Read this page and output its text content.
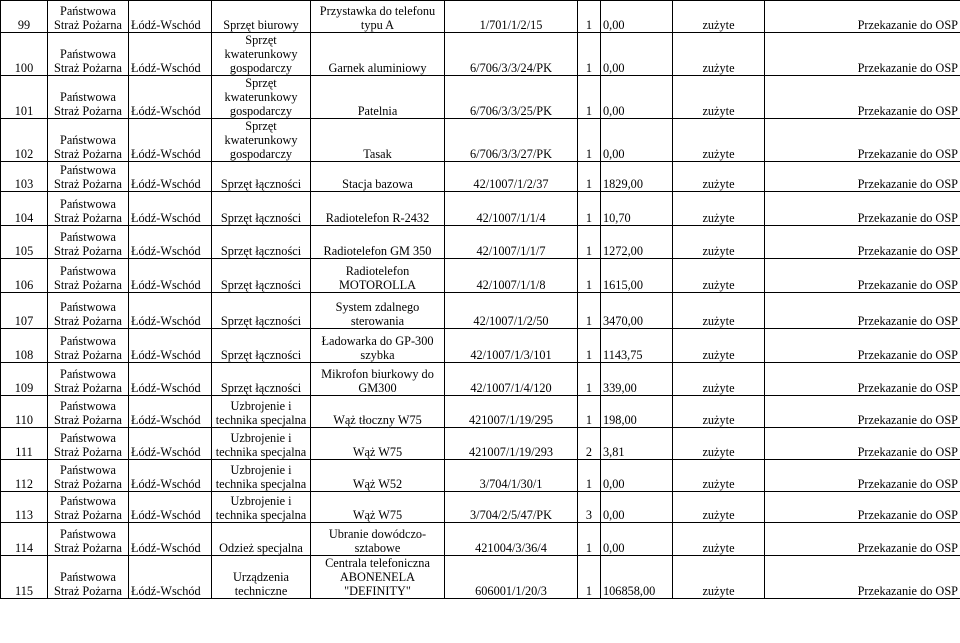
99	Państwowa
Straż Pożarna	Łódź-Wschód	Sprzęt biurowy	Przystawka do telefonu
typu A	1/701/1/2/15	1	0,00	zużyte	Przekazanie do OSP
100	Państwowa
Straż Pożarna	Łódź-Wschód	Sprzęt
kwaterunkowy
gospodarczy	Garnek aluminiowy	6/706/3/3/24/PK	1	0,00	zużyte	Przekazanie do OSP
101	Państwowa
Straż Pożarna	Łódź-Wschód	Sprzęt
kwaterunkowy
gospodarczy	Patelnia	6/706/3/3/25/PK	1	0,00	zużyte	Przekazanie do OSP
102	Państwowa
Straż Pożarna	Łódź-Wschód	Sprzęt
kwaterunkowy
gospodarczy	Tasak	6/706/3/3/27/PK	1	0,00	zużyte	Przekazanie do OSP
103	Państwowa
Straż Pożarna	Łódź-Wschód	Sprzęt łączności	Stacja bazowa	42/1007/1/2/37	1	1829,00	zużyte	Przekazanie do OSP
104	Państwowa
Straż Pożarna	Łódź-Wschód	Sprzęt łączności	Radiotelefon R-2432	42/1007/1/1/4	1	10,70	zużyte	Przekazanie do OSP
105	Państwowa
Straż Pożarna	Łódź-Wschód	Sprzęt łączności	Radiotelefon GM 350	42/1007/1/1/7	1	1272,00	zużyte	Przekazanie do OSP
106	Państwowa
Straż Pożarna	Łódź-Wschód	Sprzęt łączności	Radiotelefon
MOTOROLLA	42/1007/1/1/8	1	1615,00	zużyte	Przekazanie do OSP
107	Państwowa
Straż Pożarna	Łódź-Wschód	Sprzęt łączności	System zdalnego
sterowania	42/1007/1/2/50	1	3470,00	zużyte	Przekazanie do OSP
108	Państwowa
Straż Pożarna	Łódź-Wschód	Sprzęt łączności	Ładowarka do GP-300
szybka	42/1007/1/3/101	1	1143,75	zużyte	Przekazanie do OSP
109	Państwowa
Straż Pożarna	Łódź-Wschód	Sprzęt łączności	Mikrofon biurkowy do
GM300	42/1007/1/4/120	1	339,00	zużyte	Przekazanie do OSP
110	Państwowa
Straż Pożarna	Łódź-Wschód	Uzbrojenie i
technika specjalna	Wąż tłoczny W75	421007/1/19/295	1	198,00	zużyte	Przekazanie do OSP
111	Państwowa
Straż Pożarna	Łódź-Wschód	Uzbrojenie i
technika specjalna	Wąż W75	421007/1/19/293	2	3,81	zużyte	Przekazanie do OSP
112	Państwowa
Straż Pożarna	Łódź-Wschód	Uzbrojenie i
technika specjalna	Wąż W52	3/704/1/30/1	1	0,00	zużyte	Przekazanie do OSP
113	Państwowa
Straż Pożarna	Łódź-Wschód	Uzbrojenie i
technika specjalna	Wąż W75	3/704/2/5/47/PK	3	0,00	zużyte	Przekazanie do OSP
114	Państwowa
Straż Pożarna	Łódź-Wschód	Odzież specjalna	Ubranie dowódczo-
sztabowe	421004/3/36/4	1	0,00	zużyte	Przekazanie do OSP
115	Państwowa
Straż Pożarna	Łódź-Wschód	Urządzenia
techniczne	Centrala telefoniczna
ABONENELA
"DEFINITY"	606001/1/20/3	1	106858,00	zużyte	Przekazanie do OSP
